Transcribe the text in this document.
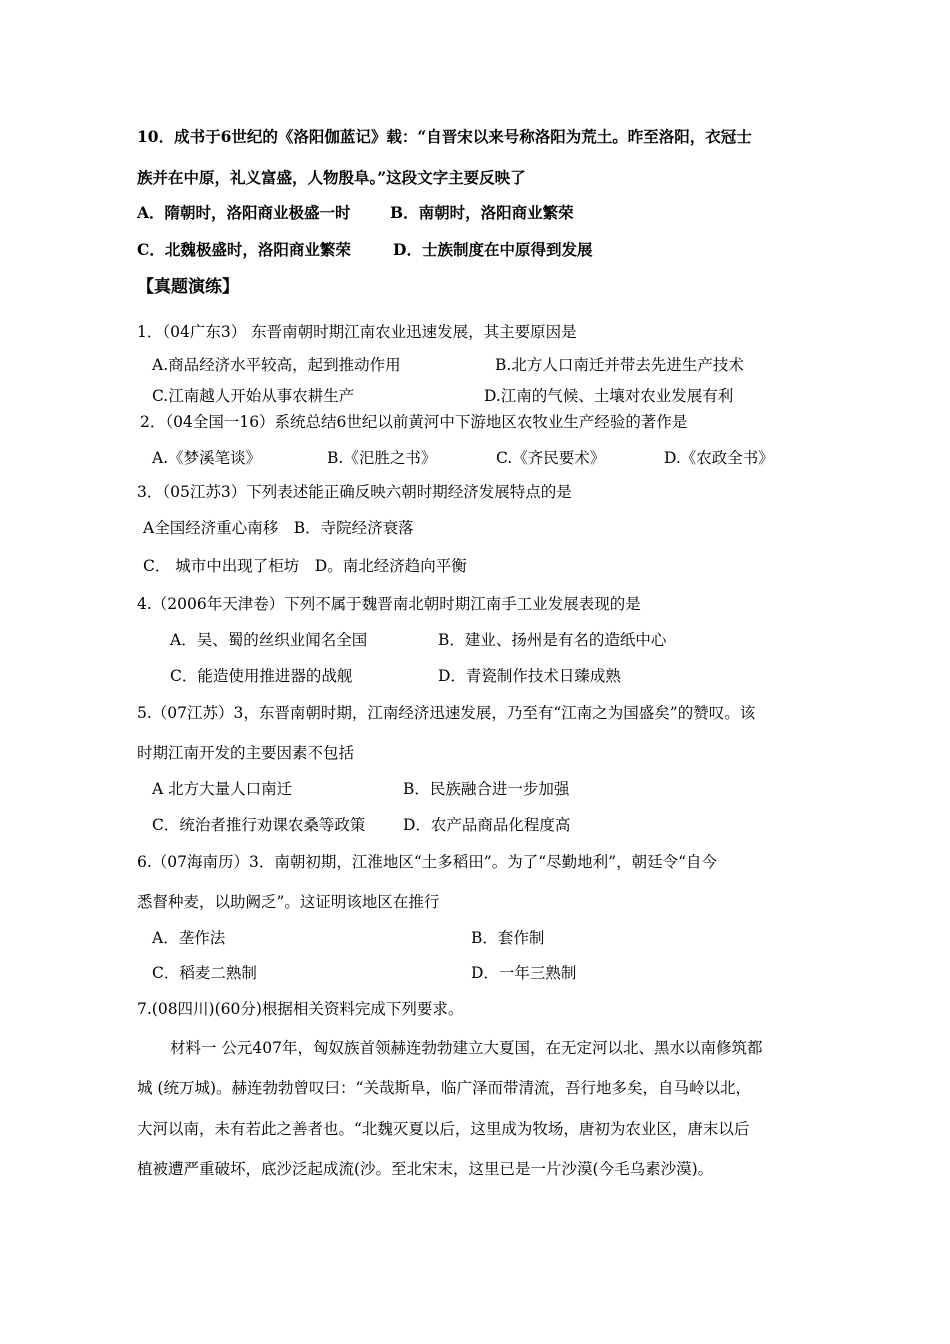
10．成书于6世纪的《洛阳伽蓝记》载：“自晋宋以来号称洛阳为荒土。昨至洛阳，衣冠士
族并在中原，礼义富盛，人物殷阜。”这段文字主要反映了
A．隋朝时，洛阳商业极盛一时	B．南朝时，洛阳商业繁荣
C．北魏极盛时，洛阳商业繁荣	D．士族制度在中原得到发展
【真题演练】
1．（04广东3） 东晋南朝时期江南农业迅速发展，其主要原因是
A.商品经济水平较高，起到推动作用	B.北方人口南迁并带去先进生产技术
C.江南越人开始从事农耕生产	D.江南的气候、土壤对农业发展有利
2．（04全国一16）系统总结6世纪以前黄河中下游地区农牧业生产经验的著作是
A.《梦溪笔谈》	B.《汜胜之书》	C.《齐民要术》	D.《农政全书》
3．（05江苏3）下列表述能正确反映六朝时期经济发展特点的是
A全国经济重心南移　B．寺院经济衰落
C． 城市中出现了柜坊　D。南北经济趋向平衡
4.（2006年天津卷）下列不属于魏晋南北朝时期江南手工业发展表现的是
A．吴、蜀的丝织业闻名全国	B．建业、扬州是有名的造纸中心
C．能造使用推进器的战舰	D．青瓷制作技术日臻成熟
5.（07江苏）3，东晋南朝时期，江南经济迅速发展，乃至有“江南之为国盛矣”的赞叹。该
时期江南开发的主要因素不包括
A 北方大量人口南迁	B．民族融合进一步加强
C．统治者推行劝课农桑等政策 D．农产品商品化程度高
6.（07海南历）3．南朝初期，江淮地区“土多稻田”。为了“尽勤地利”，朝廷令“自今
悉督种麦，以助阙乏”。这证明该地区在推行
A．垄作法	B．套作制
C．稻麦二熟制	D．一年三熟制
7.(08四川)(60分)根据相关资料完成下列要求。
材料一 公元407年，匈奴族首领赫连勃勃建立大夏国，在无定河以北、黑水以南修筑都
城 (统万城)。赫连勃勃曾叹曰：“关哉斯阜，临广泽而带清流，吾行地多矣，自马岭以北，
大河以南，未有若此之善者也。“北魏灭夏以后，这里成为牧场，唐初为农业区，唐末以后
植被遭严重破坏，底沙泛起成流(沙。至北宋末，这里已是一片沙漠(今毛乌素沙漠)。
